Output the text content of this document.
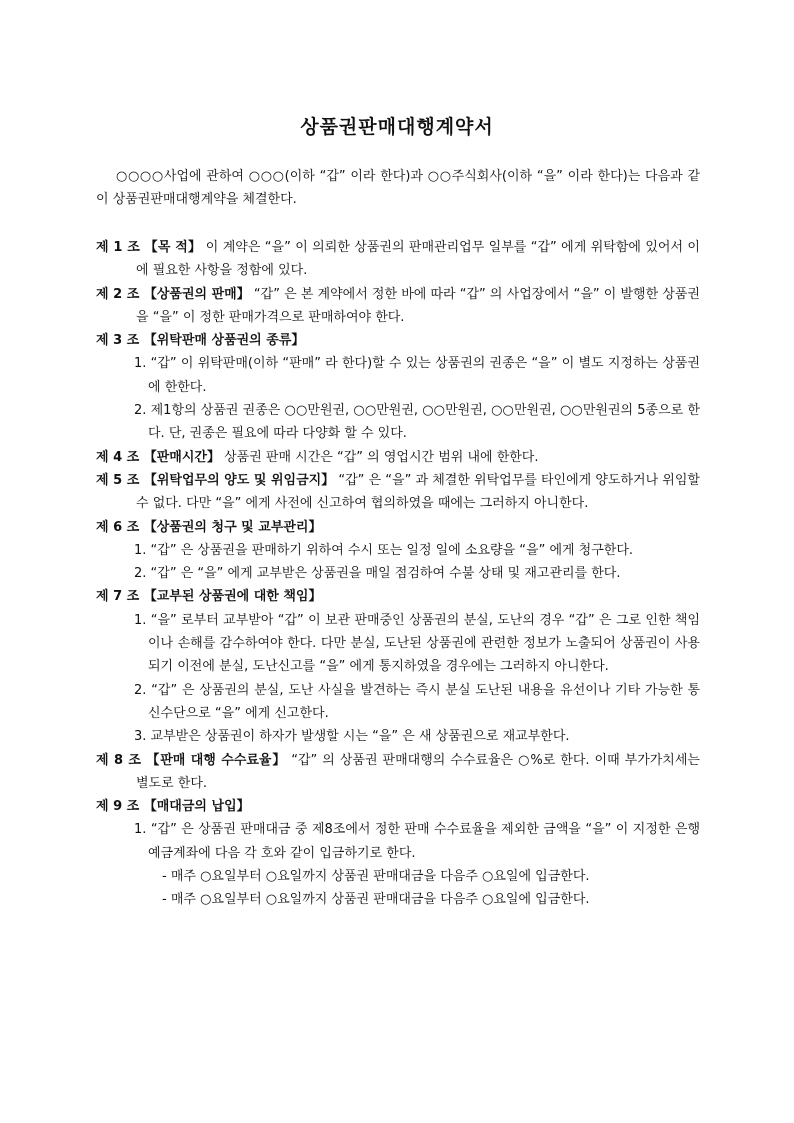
상품권판매대행계약서
○○○○사업에 관하여 ○○○(이하 “갑” 이라 한다)과 ○○주식회사(이하 “을” 이라 한다)는 다음과 같이 상품권판매대행계약을 체결한다.
제 1 조 【목 적】 이 계약은 “을” 이 의뢰한 상품권의 판매관리업무 일부를 “갑” 에게 위탁함에 있어서 이에 필요한 사항을 정함에 있다.
제 2 조 【상품권의 판매】 “갑” 은 본 계약에서 정한 바에 따라 “갑” 의 사업장에서 “을” 이 발행한 상품권을 “을” 이 정한 판매가격으로 판매하여야 한다.
제 3 조 【위탁판매 상품권의 종류】
1. “갑” 이 위탁판매(이하 “판매” 라 한다)할 수 있는 상품권의 권종은 “을” 이 별도 지정하는 상품권에 한한다.
2. 제1항의 상품권 권종은 ○○만원권, ○○만원권, ○○만원권, ○○만원권, ○○만원권의 5종으로 한다. 단, 권종은 필요에 따라 다양화 할 수 있다.
제 4 조 【판매시간】 상품권 판매 시간은 “갑” 의 영업시간 범위 내에 한한다.
제 5 조 【위탁업무의 양도 및 위임금지】 “갑” 은 “을” 과 체결한 위탁업무를 타인에게 양도하거나 위임할 수 없다. 다만 “을” 에게 사전에 신고하여 협의하였을 때에는 그러하지 아니한다.
제 6 조 【상품권의 청구 및 교부관리】
1. “갑” 은 상품권을 판매하기 위하여 수시 또는 일정 일에 소요량을 “을” 에게 청구한다.
2. “갑” 은 “을” 에게 교부받은 상품권을 매일 점검하여 수불 상태 및 재고관리를 한다.
제 7 조 【교부된 상품권에 대한 책임】
1. “을” 로부터 교부받아 “갑” 이 보관 판매중인 상품권의 분실, 도난의 경우 “갑” 은 그로 인한 책임이나 손해를 감수하여야 한다. 다만 분실, 도난된 상품권에 관련한 정보가 노출되어 상품권이 사용되기 이전에 분실, 도난신고를 “을” 에게 통지하였을 경우에는 그러하지 아니한다.
2. “갑” 은 상품권의 분실, 도난 사실을 발견하는 즉시 분실 도난된 내용을 유선이나 기타 가능한 통신수단으로 “을” 에게 신고한다.
3. 교부받은 상품권이 하자가 발생할 시는 “을” 은 새 상품권으로 재교부한다.
제 8 조 【판매 대행 수수료율】 “갑” 의 상품권 판매대행의 수수료율은 ○%로 한다. 이때 부가가치세는 별도로 한다.
제 9 조 【매대금의 납입】
1. “갑” 은 상품권 판매대금 중 제8조에서 정한 판매 수수료율을 제외한 금액을 “을” 이 지정한 은행예금계좌에 다음 각 호와 같이 입금하기로 한다.
- 매주 ○요일부터 ○요일까지 상품권 판매대금을 다음주 ○요일에 입금한다.
- 매주 ○요일부터 ○요일까지 상품권 판매대금을 다음주 ○요일에 입금한다.
